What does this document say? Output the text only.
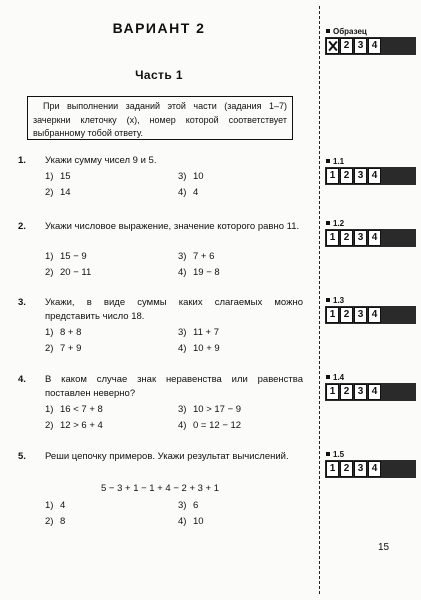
ВАРИАНТ 2
Часть 1
При выполнении заданий этой части (задания 1–7) зачеркни клеточку (x), номер которой соответствует выбранному тобой ответу.
1. Укажи сумму чисел 9 и 5.
1) 15
2) 14
3) 10
4) 4
2. Укажи числовое выражение, значение которого равно 11.
1) 15 − 9
2) 20 − 11
3) 7 + 6
4) 19 − 8
3. Укажи, в виде суммы каких слагаемых можно представить число 18.
1) 8 + 8
2) 7 + 9
3) 11 + 7
4) 10 + 9
4. В каком случае знак неравенства или равенства поставлен неверно?
1) 16 < 7 + 8
2) 12 > 6 + 4
3) 10 > 17 − 9
4) 0 = 12 − 12
5. Реши цепочку примеров. Укажи результат вычислений.
5 − 3 + 1 − 1 + 4 − 2 + 3 + 1
1) 4
2) 8
3) 6
4) 10
Образец
2 3 4
1.1
1 2 3 4
1.2
1 2 3 4
1.3
1 2 3 4
1.4
1 2 3 4
1.5
1 2 3 4
15
